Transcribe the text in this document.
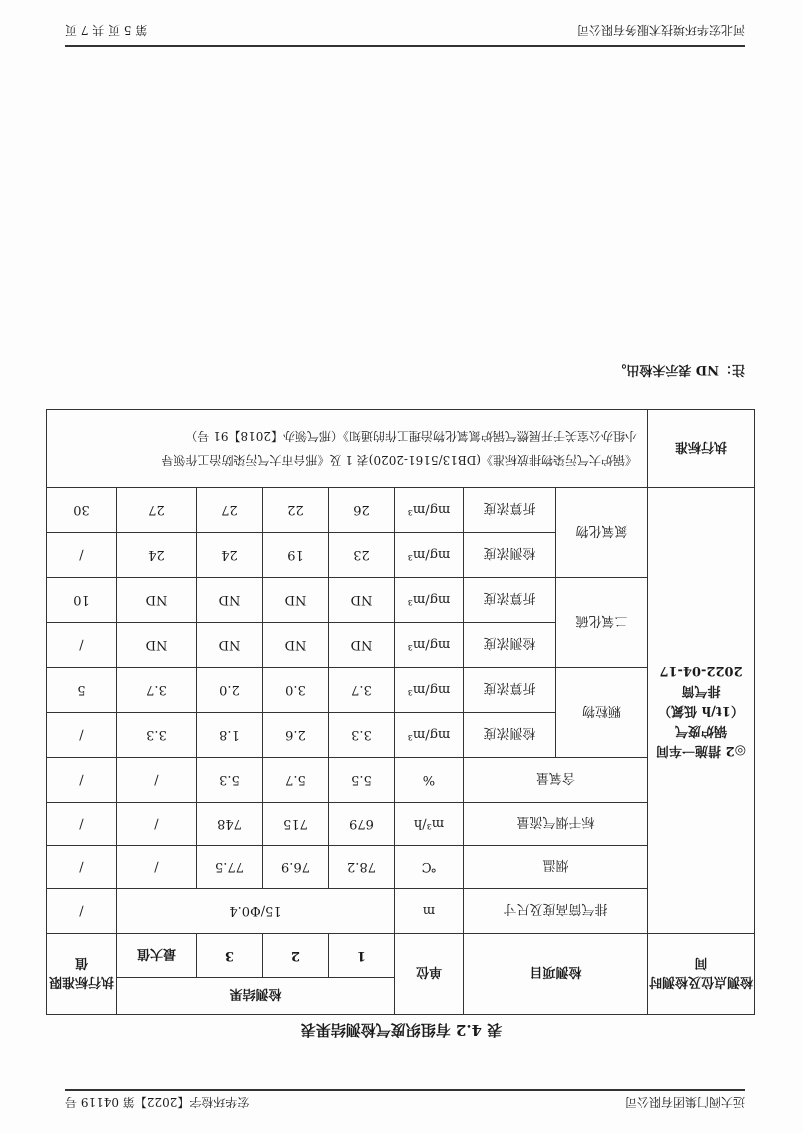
远大阀门集团有限公司
宏华环检字【2022】第 04119 号
表 4.2 有组织废气检测结果表
检测点位及检测时间	检测项目		单位	检测结果				执行标准限值
				1	2	3	最大值	

◎2 措施一车间
锅炉废气
（1t/h 低氮）
排气筒
2022-04-17	排气筒高度及尺寸		m	15/Φ0.4				/
	烟温		℃	78.2	76.9	77.5	/	/
	标干烟气流量		m³/h	679	715	748	/	/
	含氧量		%	5.5	5.7	5.3	/	/
	颗粒物	检测浓度	mg/m³	3.3	2.6	1.8	3.3	/
		折算浓度	mg/m³	3.7	3.0	2.0	3.7	5
	二氧化硫	检测浓度	mg/m³	ND	ND	ND	ND	/
		折算浓度	mg/m³	ND	ND	ND	ND	10
	氮氧化物	检测浓度	mg/m³	23	19	24	24	/
		折算浓度	mg/m³	26	22	27	27	30
执行标准	《锅炉大气污染物排放标准》(DB13/5161-2020)表 1 及《邢台市大气污染防治工作领导
小组办公室关于开展燃气锅炉氮氧化物治理工作的通知》（邢气领办【2018】91 号）							
注：ND 表示未检出。
河北宏华环境技术服务有限公司
第 5 页 共 7 页
